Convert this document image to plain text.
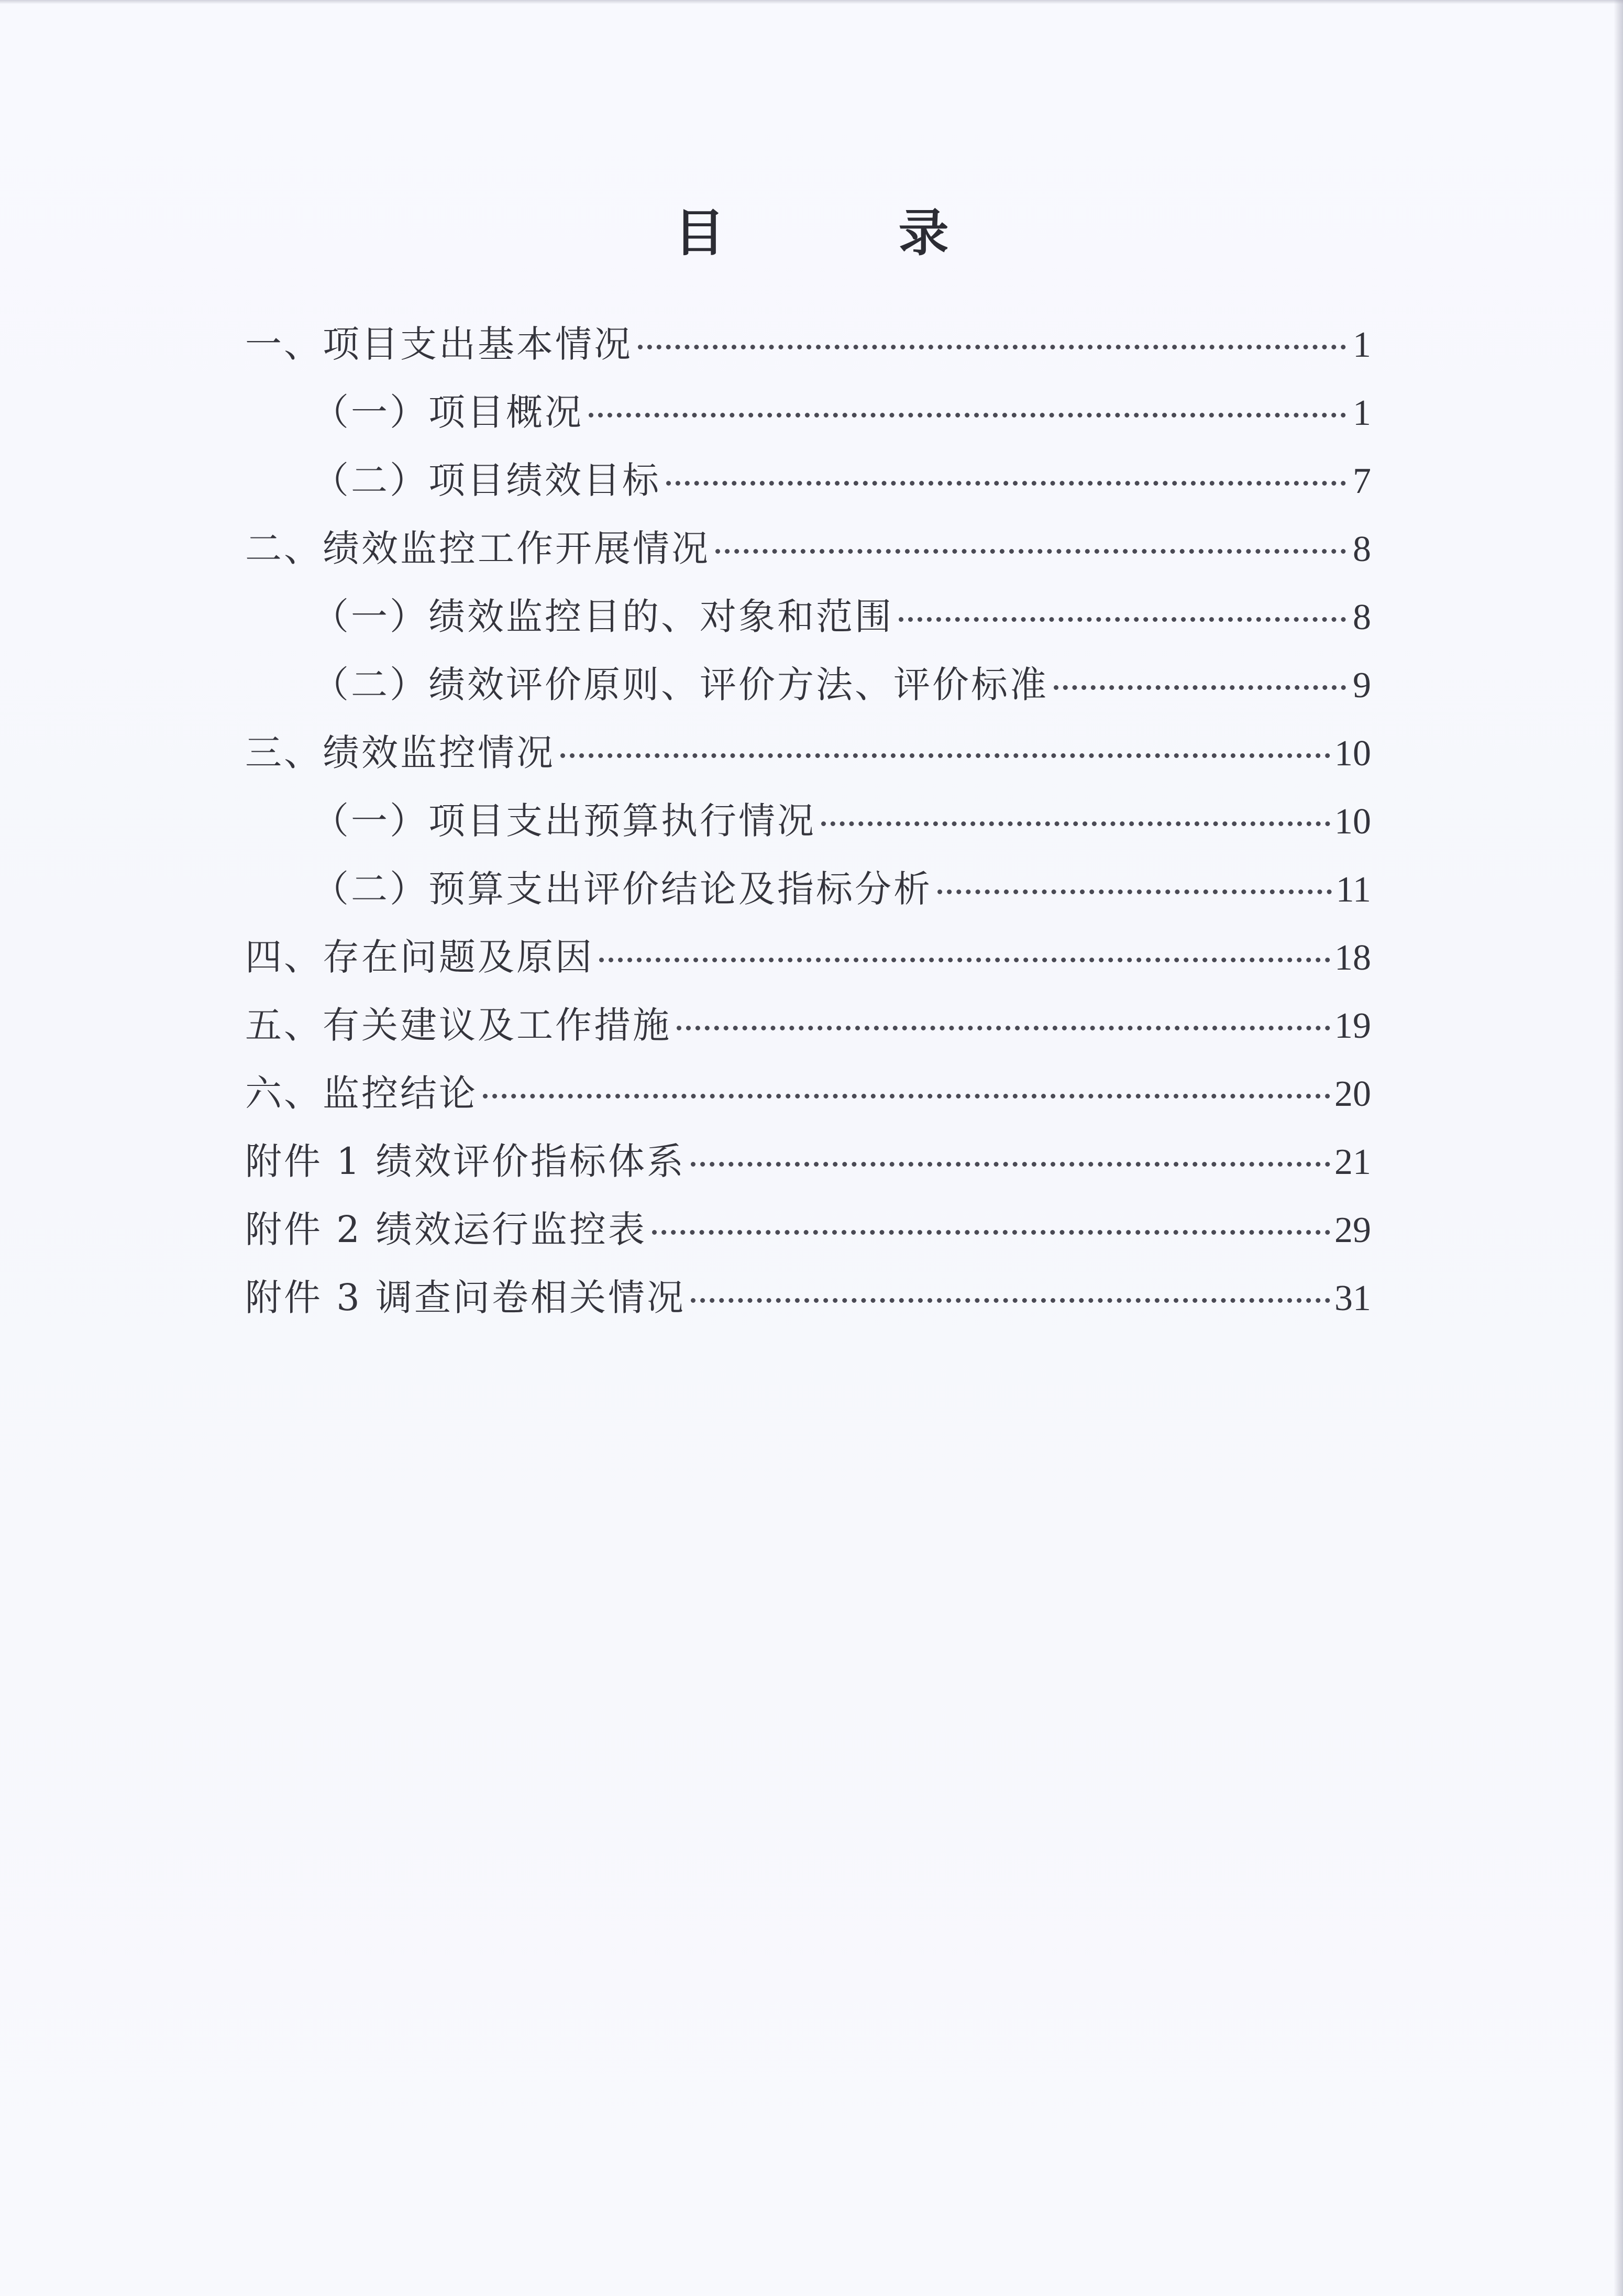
目　录
一、项目支出基本情况	1
（一）项目概况	1
（二）项目绩效目标	7
二、绩效监控工作开展情况	8
（一）绩效监控目的、对象和范围	8
（二）绩效评价原则、评价方法、评价标准	9
三、绩效监控情况	10
（一）项目支出预算执行情况	10
（二）预算支出评价结论及指标分析	11
四、存在问题及原因	18
五、有关建议及工作措施	19
六、监控结论	20
附件 1 绩效评价指标体系	21
附件 2 绩效运行监控表	29
附件 3 调查问卷相关情况	31
